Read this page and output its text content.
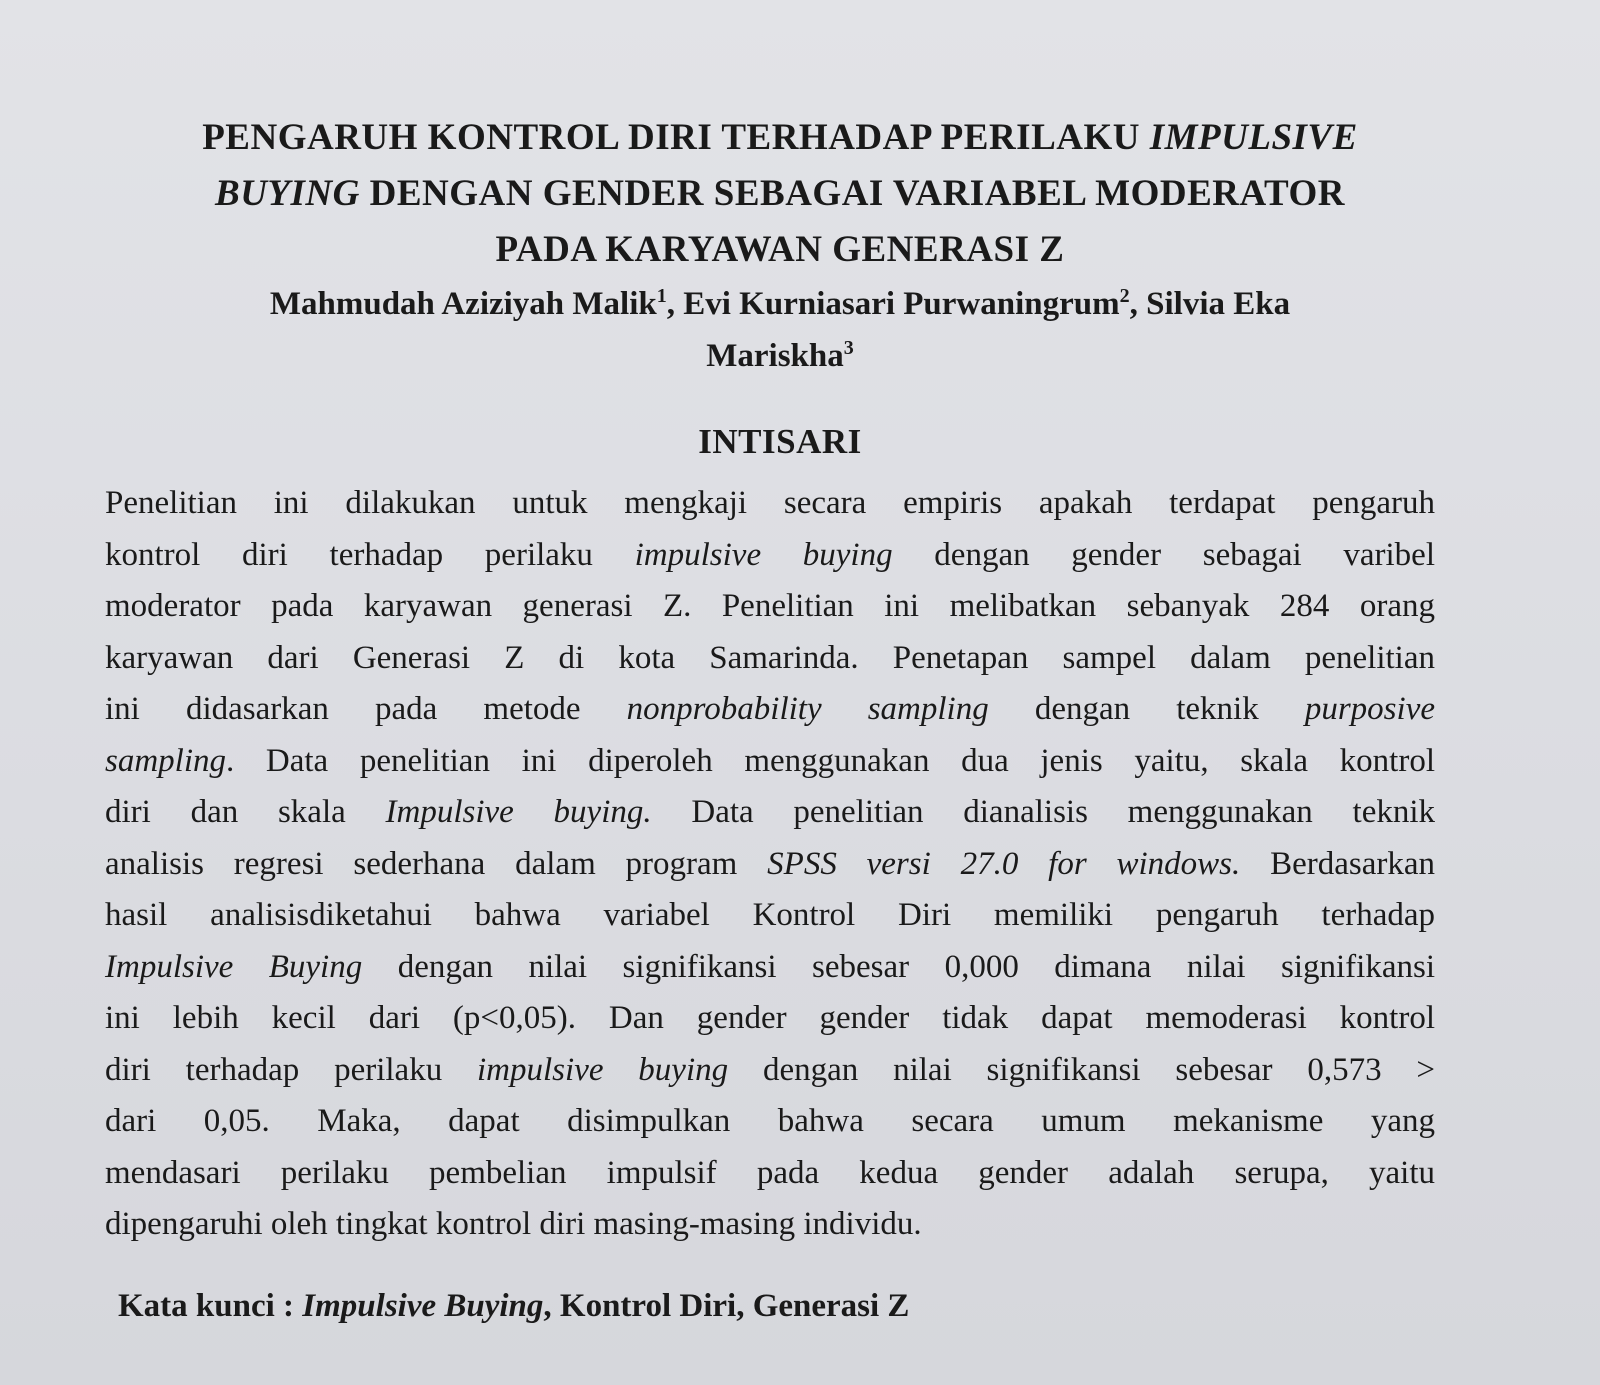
PENGARUH KONTROL DIRI TERHADAP PERILAKU IMPULSIVE
BUYING DENGAN GENDER SEBAGAI VARIABEL MODERATOR
PADA KARYAWAN GENERASI Z

Mahmudah Aziziyah Malik$^1$, Evi Kurniasari Purwaningrum$^2$, Silvia Eka
Mariskha$^3$

INTISARI
Penelitian ini dilakukan untuk mengkaji secara empiris apakah terdapat pengaruh
kontrol diri terhadap perilaku impulsive buying dengan gender sebagai varibel
moderator pada karyawan generasi Z. Penelitian ini melibatkan sebanyak 284 orang
karyawan dari Generasi Z di kota Samarinda. Penetapan sampel dalam penelitian
ini didasarkan pada metode nonprobability sampling dengan teknik purposive
sampling. Data penelitian ini diperoleh menggunakan dua jenis yaitu, skala kontrol
diri dan skala Impulsive buying. Data penelitian dianalisis menggunakan teknik
analisis regresi sederhana dalam program SPSS versi 27.0 for windows. Berdasarkan
hasil analisisdiketahui bahwa variabel Kontrol Diri memiliki pengaruh terhadap
Impulsive Buying dengan nilai signifikansi sebesar 0,000 dimana nilai signifikansi
ini lebih kecil dari (p<0,05). Dan gender gender tidak dapat memoderasi kontrol
diri terhadap perilaku impulsive buying dengan nilai signifikansi sebesar 0,573 >
dari 0,05. Maka, dapat disimpulkan bahwa secara umum mekanisme yang
mendasari perilaku pembelian impulsif pada kedua gender adalah serupa, yaitu
dipengaruhi oleh tingkat kontrol diri masing-masing individu.

Kata kunci : Impulsive Buying, Kontrol Diri, Generasi Z
